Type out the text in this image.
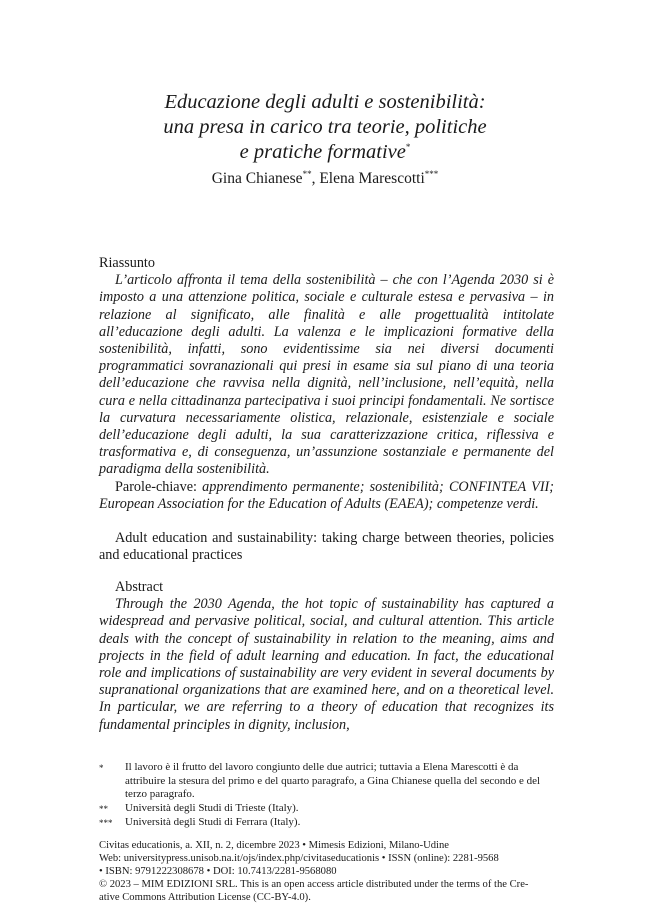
Educazione degli adulti e sostenibilità:
una presa in carico tra teorie, politiche
e pratiche formative*
Gina Chianese**, Elena Marescotti***

Riassunto

L’articolo affronta il tema della sostenibilità – che con l’Agenda 2030 si è imposto a una attenzione politica, sociale e culturale estesa e pervasiva – in relazione al significato, alle finalità e alle progettualità intitolate all’educazione degli adulti. La valenza e le implicazioni formative della sostenibilità, infatti, sono evidentissime sia nei diversi documenti programmatici sovranazionali qui presi in esame sia sul piano di una teoria dell’educazione che ravvisa nella dignità, nell’inclusione, nell’equità, nella cura e nella cittadinanza partecipativa i suoi principi fondamentali. Ne sortisce la curvatura necessariamente olistica, relazionale, esistenziale e sociale dell’educazione degli adulti, la sua caratterizzazione critica, riflessiva e trasformativa e, di conseguenza, un’assunzione sostanziale e permanente del paradigma della sostenibilità.

Parole-chiave: apprendimento permanente; sostenibilità; CONFINTEA VII; European Association for the Education of Adults (EAEA); competenze verdi.

Adult education and sustainability: taking charge between theories, policies and educational practices

Abstract

Through the 2030 Agenda, the hot topic of sustainability has captured a widespread and pervasive political, social, and cultural attention. This article deals with the concept of sustainability in relation to the meaning, aims and projects in the field of adult learning and education. In fact, the educational role and implications of sustainability are very evident in several documents by supranational organizations that are examined here, and on a theoretical level. In particular, we are referring to a theory of education that recognizes its fundamental principles in dignity, inclusion,

*	Il lavoro è il frutto del lavoro congiunto delle due autrici; tuttavia a Elena Marescotti è da attribuire la stesura del primo e del quarto paragrafo, a Gina Chianese quella del secondo e del terzo paragrafo.
**	Università degli Studi di Trieste (Italy).
***	Università degli Studi di Ferrara (Italy).
Civitas educationis, a. XII, n. 2, dicembre 2023 • Mimesis Edizioni, Milano-Udine
Web: universitypress.unisob.na.it/ojs/index.php/civitaseducationis • ISSN (online): 2281-9568
• ISBN: 9791222308678 • DOI: 10.7413/2281-9568080
© 2023 – MIM EDIZIONI SRL. This is an open access article distributed under the terms of the Cre-
ative Commons Attribution License (CC-BY-4.0).
